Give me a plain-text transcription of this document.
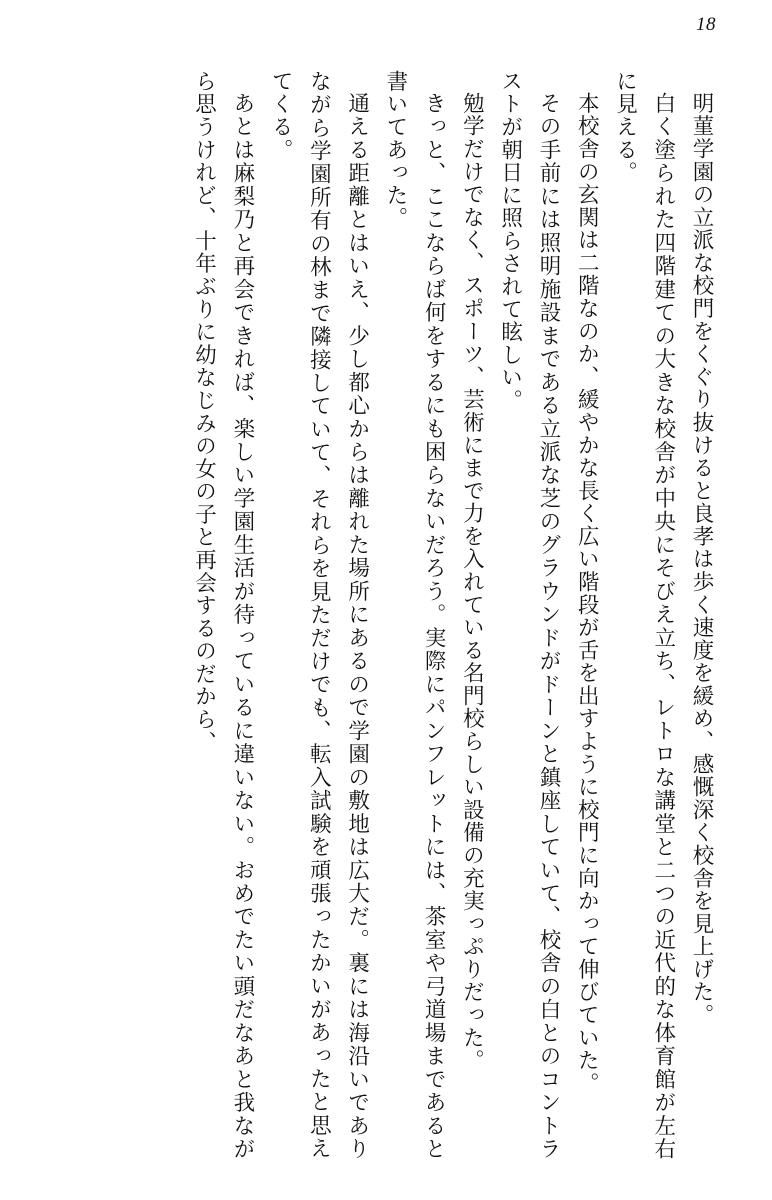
18
明菫学園の立派な校門をくぐり抜けると良孝は歩く速度を緩め、感慨深く校舎を見上げた。
白く塗られた四階建ての大きな校舎が中央にそびえ立ち、レトロな講堂と二つの近代的な体育館が左右に見える。
本校舎の玄関は二階なのか、緩やかな長く広い階段が舌を出すように校門に向かって伸びていた。
その手前には照明施設まである立派な芝のグラウンドがドーンと鎮座していて、校舎の白とのコントラストが朝日に照らされて眩しい。
勉学だけでなく、スポーツ、芸術にまで力を入れている名門校らしい設備の充実っぷりだった。
きっと、ここならば何をするにも困らないだろう。実際にパンフレットには、茶室や弓道場まであると書いてあった。
通える距離とはいえ、少し都心からは離れた場所にあるので学園の敷地は広大だ。裏には海沿いでありながら学園所有の林まで隣接していて、それらを見ただけでも、転入試験を頑張ったかいがあったと思えてくる。
あとは麻梨乃と再会できれば、楽しい学園生活が待っているに違いない。おめでたい頭だなあと我ながら思うけれど、十年ぶりに幼なじみの女の子と再会するのだから、
